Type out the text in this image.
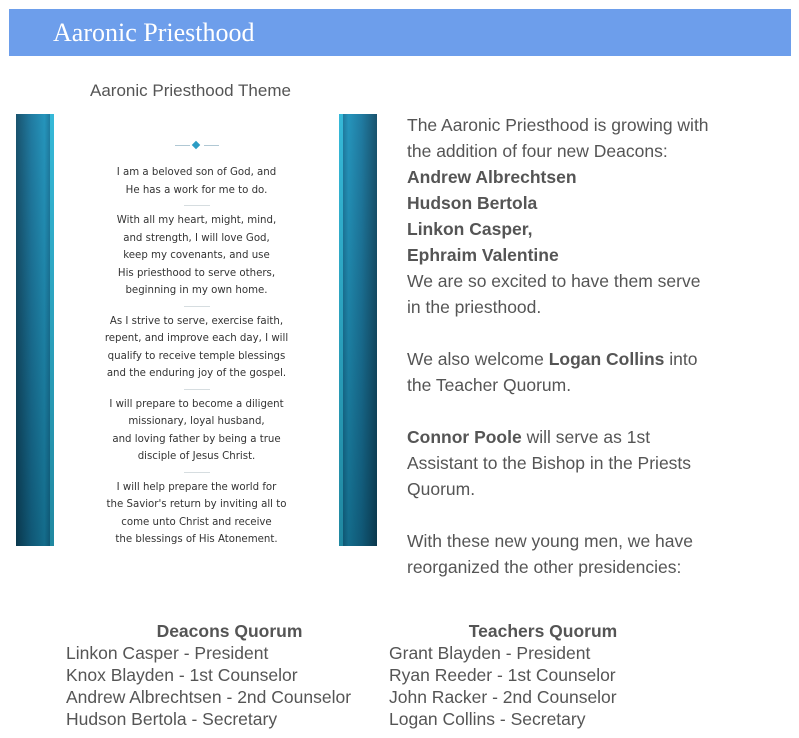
Aaronic Priesthood
Aaronic Priesthood Theme

I am a beloved son of God, and

He has a work for me to do.

With all my heart, might, mind,

and strength, I will love God,

keep my covenants, and use

His priesthood to serve others,

beginning in my own home.

As I strive to serve, exercise faith,

repent, and improve each day, I will

qualify to receive temple blessings

and the enduring joy of the gospel.

I will prepare to become a diligent

missionary, loyal husband,

and loving father by being a true

disciple of Jesus Christ.

I will help prepare the world for

the Savior's return by inviting all to

come unto Christ and receive

the blessings of His Atonement.

The Aaronic Priesthood is growing with

the addition of four new Deacons:

Andrew Albrechtsen

Hudson Bertola

Linkon Casper,

Ephraim Valentine

We are so excited to have them serve

in the priesthood.

We also welcome Logan Collins into

the Teacher Quorum.

Connor Poole will serve as 1st

Assistant to the Bishop in the Priests

Quorum.

With these new young men, we have

reorganized the other presidencies:

Deacons Quorum
Linkon Casper - President
Knox Blayden - 1st Counselor
Andrew Albrechtsen - 2nd Counselor
Hudson Bertola - Secretary
Teachers Quorum
Grant Blayden - President
Ryan Reeder - 1st Counselor
John Racker - 2nd Counselor
Logan Collins - Secretary
